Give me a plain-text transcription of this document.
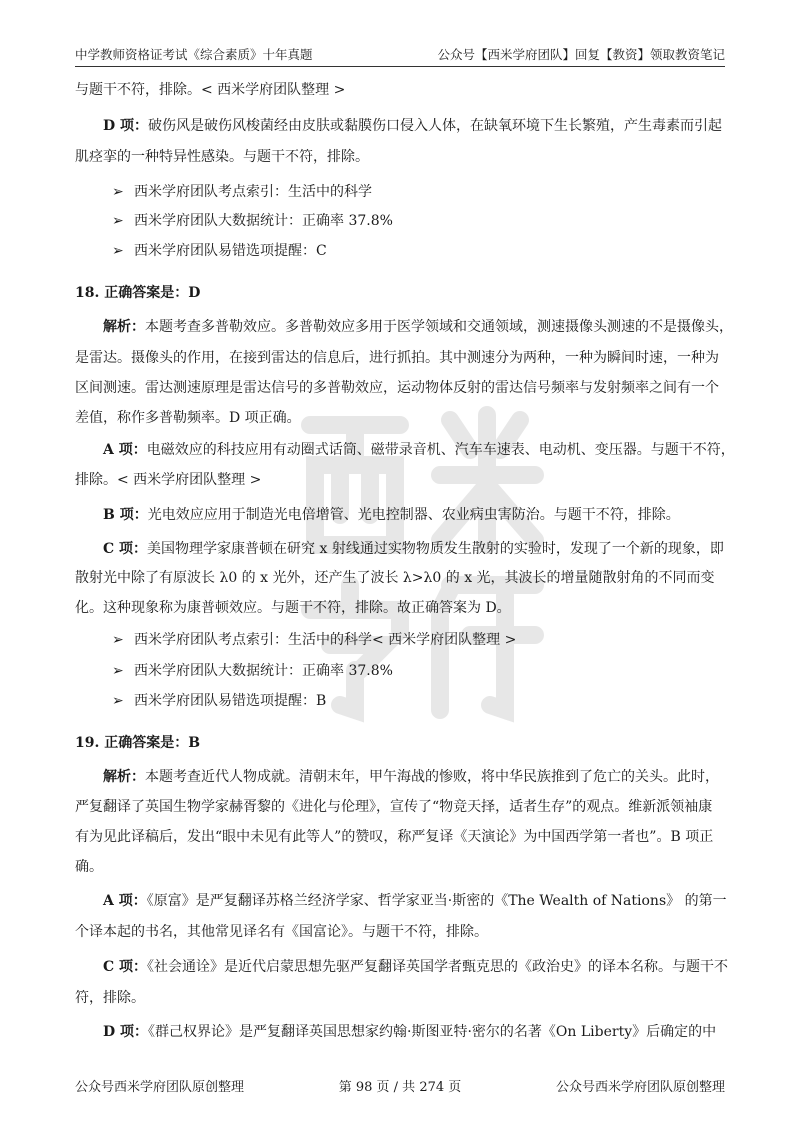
中学教师资格证考试《综合素质》十年真题	公众号【西米学府团队】回复【教资】领取教资笔记
与题干不符，排除。< 西米学府团队整理 >
D 项：破伤风是破伤风梭菌经由皮肤或黏膜伤口侵入人体，在缺氧环境下生长繁殖，产生毒素而引起
肌痉挛的一种特异性感染。与题干不符，排除。
➢ 西米学府团队考点索引：生活中的科学
➢ 西米学府团队大数据统计：正确率 37.8%
➢ 西米学府团队易错选项提醒：C
18. 正确答案是：D
解析：本题考查多普勒效应。多普勒效应多用于医学领域和交通领域，测速摄像头测速的不是摄像头，
是雷达。摄像头的作用，在接到雷达的信息后，进行抓拍。其中测速分为两种，一种为瞬间时速，一种为
区间测速。雷达测速原理是雷达信号的多普勒效应，运动物体反射的雷达信号频率与发射频率之间有一个
差值，称作多普勒频率。D 项正确。
A 项：电磁效应的科技应用有动圈式话筒、磁带录音机、汽车车速表、电动机、变压器。与题干不符，
排除。< 西米学府团队整理 >
B 项：光电效应应用于制造光电倍增管、光电控制器、农业病虫害防治。与题干不符，排除。
C 项：美国物理学家康普顿在研究 x 射线通过实物物质发生散射的实验时，发现了一个新的现象，即
散射光中除了有原波长 λ0 的 x 光外，还产生了波长 λ>λ0 的 x 光，其波长的增量随散射角的不同而变
化。这种现象称为康普顿效应。与题干不符，排除。故正确答案为 D。
➢ 西米学府团队考点索引：生活中的科学< 西米学府团队整理 >
➢ 西米学府团队大数据统计：正确率 37.8%
➢ 西米学府团队易错选项提醒：B
19. 正确答案是：B
解析：本题考查近代人物成就。清朝末年，甲午海战的惨败，将中华民族推到了危亡的关头。此时，
严复翻译了英国生物学家赫胥黎的《进化与伦理》，宣传了“物竞天择，适者生存”的观点。维新派领袖康
有为见此译稿后，发出“眼中未见有此等人”的赞叹，称严复译《天演论》为中国西学第一者也”。B 项正
确。
A 项：《原富》是严复翻译苏格兰经济学家、哲学家亚当·斯密的《The Wealth of Nations》 的第一
个译本起的书名，其他常见译名有《国富论》。与题干不符，排除。
C 项：《社会通诠》是近代启蒙思想先驱严复翻译英国学者甄克思的《政治史》的译本名称。与题干不
符，排除。
D 项：《群己权界论》是严复翻译英国思想家约翰·斯图亚特·密尔的名著《On Liberty》后确定的中
公众号西米学府团队原创整理	第 98 页 / 共 274 页	公众号西米学府团队原创整理
